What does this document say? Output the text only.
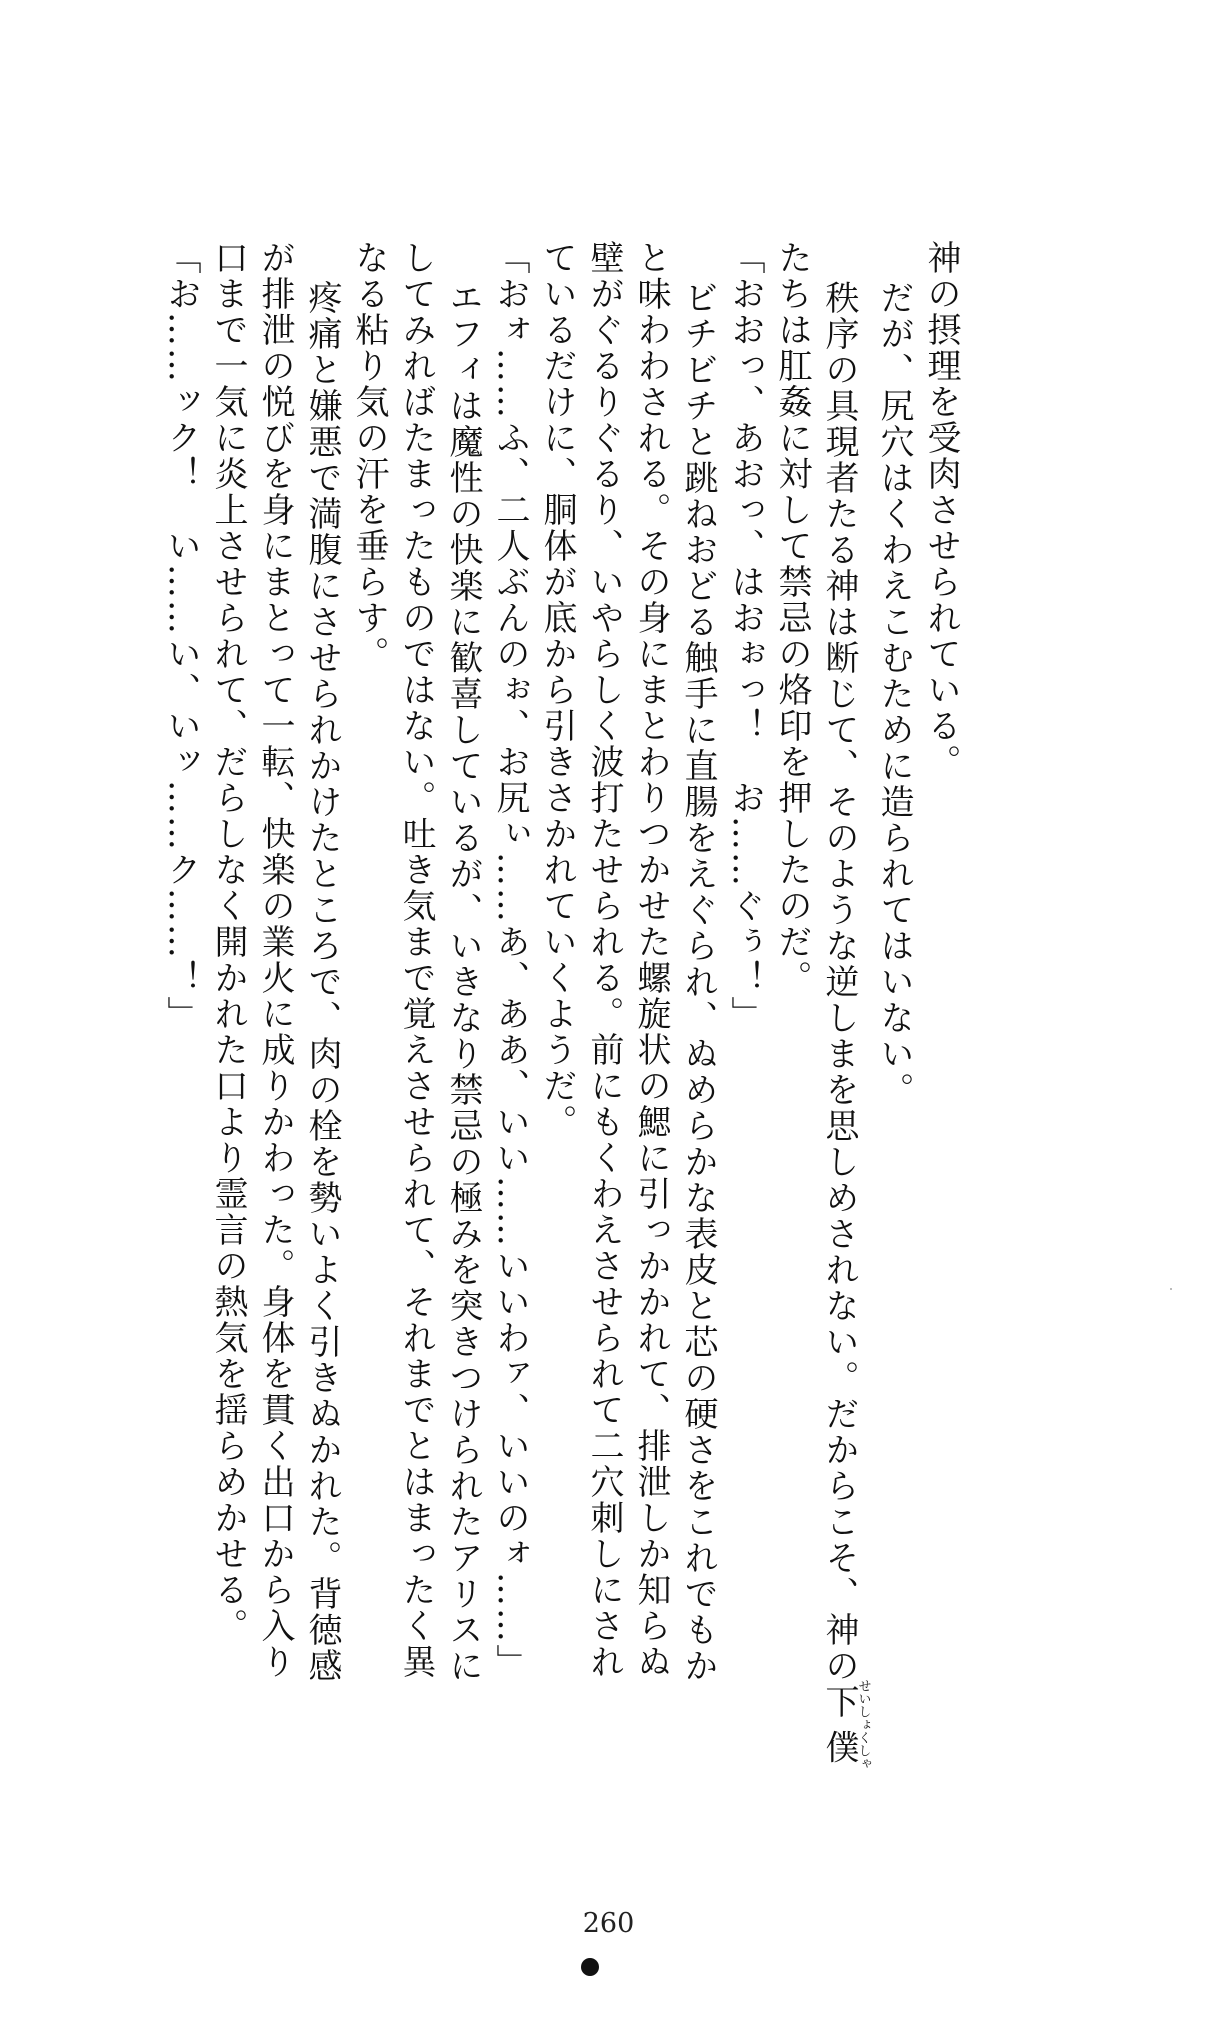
神の摂理を受肉させられている。
だが、尻穴はくわえこむために造られてはいない。
秩序の具現者たる神は断じて、そのような逆しまを思しめされない。だからこそ、神の下僕せいしょくしゃ
たちは肛姦に対して禁忌の烙印を押したのだ。
「おおっ、あおっ、はおぉっ！　お……ぐぅ！」
ビチビチと跳ねおどる触手に直腸をえぐられ、ぬめらかな表皮と芯の硬さをこれでもか
と味わわされる。その身にまとわりつかせた螺旋状の鰓に引っかかれて、排泄しか知らぬ
壁がぐるりぐるり、いやらしく波打たせられる。前にもくわえさせられて二穴刺しにされ
ているだけに、胴体が底から引きさかれていくようだ。
「おォ……ふ、二人ぶんのぉ、お尻ぃ……あ、ああ、いい……いいわァ、いいのォ……」
エフィは魔性の快楽に歓喜しているが、いきなり禁忌の極みを突きつけられたアリスに
してみればたまったものではない。吐き気まで覚えさせられて、それまでとはまったく異
なる粘り気の汗を垂らす。
疼痛と嫌悪で満腹にさせられかけたところで、肉の栓を勢いよく引きぬかれた。背徳感
が排泄の悦びを身にまとって一転、快楽の業火に成りかわった。身体を貫く出口から入り
口まで一気に炎上させられて、だらしなく開かれた口より霊言の熱気を揺らめかせる。
「お……ック！　い……い、いッ……ク……！」
260
